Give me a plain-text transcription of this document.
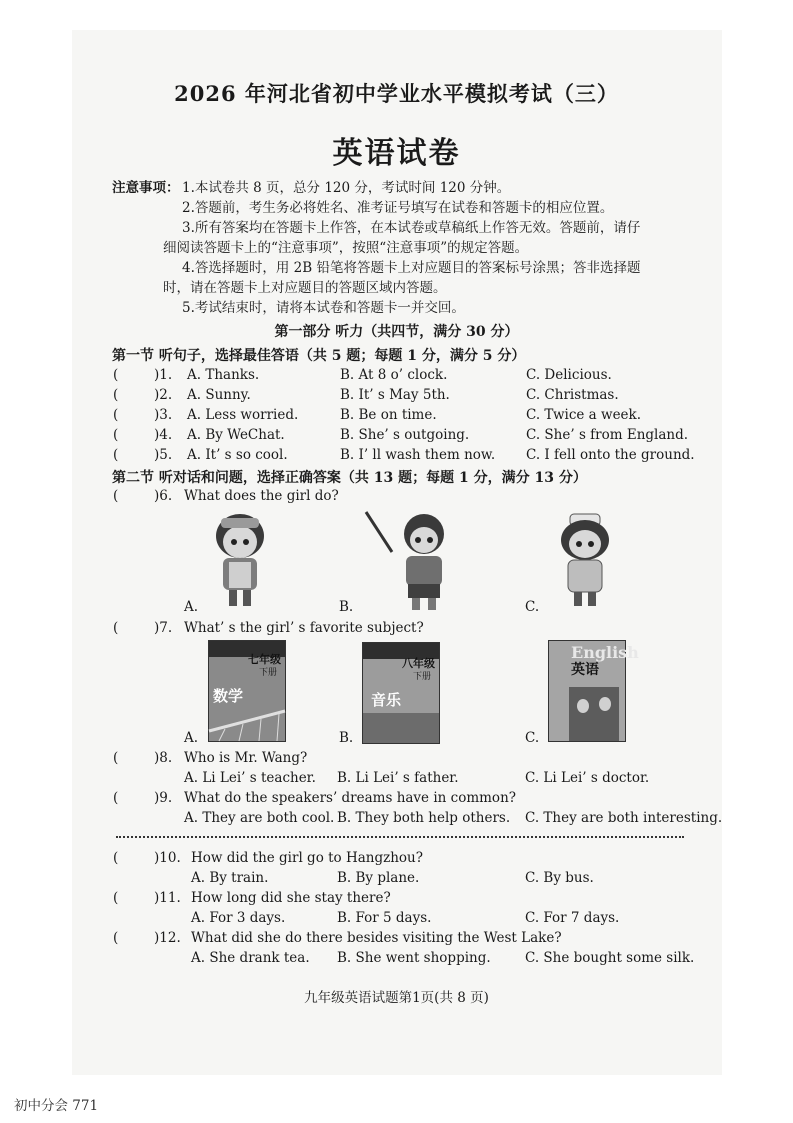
2026 年河北省初中学业水平模拟考试（三）
英语试卷
注意事项： 1.本试卷共 8 页，总分 120 分，考试时间 120 分钟。
2.答题前，考生务必将姓名、准考证号填写在试卷和答题卡的相应位置。
3.所有答案均在答题卡上作答，在本试卷或草稿纸上作答无效。答题前，请仔
细阅读答题卡上的“注意事项”，按照“注意事项”的规定答题。
4.答选择题时，用 2B 铅笔将答题卡上对应题目的答案标号涂黑；答非选择题
时，请在答题卡上对应题目的答题区域内答题。
5.考试结束时，请将本试卷和答题卡一并交回。
第一部分 听力（共四节，满分 30 分）
第一节 听句子，选择最佳答语（共 5 题；每题 1 分，满分 5 分）
(	)1. A. Thanks.	B. At 8 o’ clock.	C. Delicious.
(	)2. A. Sunny.	B. It’ s May 5th.	C. Christmas.
(	)3. A. Less worried.	B. Be on time.	C. Twice a week.
(	)4. A. By WeChat.	B. She’ s outgoing.	C. She’ s from England.
(	)5. A. It’ s so cool.	B. I’ ll wash them now. C. I fell onto the ground.
第二节 听对话和问题，选择正确答案（共 13 题；每题 1 分，满分 13 分）
(	)6. What does the girl do?
A.	B.	C.
(	)7. What’ s the girl’ s favorite subject?
A.
七年级
下册
数学
B.
八年级
下册
音乐
C.
English
英语
(	)8. Who is Mr. Wang?
A. Li Lei’ s teacher. B. Li Lei’ s father.	C. Li Lei’ s doctor.
(	)9. What do the speakers’ dreams have in common?
A. They are both cool. B. They both help others. C. They are both interesting.
(	)10. How did the girl go to Hangzhou?
A. By train.	B. By plane.	C. By bus.
(	)11. How long did she stay there?
A. For 3 days.	B. For 5 days.	C. For 7 days.
(	)12. What did she do there besides visiting the West Lake?
A. She drank tea. B. She went shopping.	C. She bought some silk.
九年级英语试题第1页(共 8 页)
初中分会 771
